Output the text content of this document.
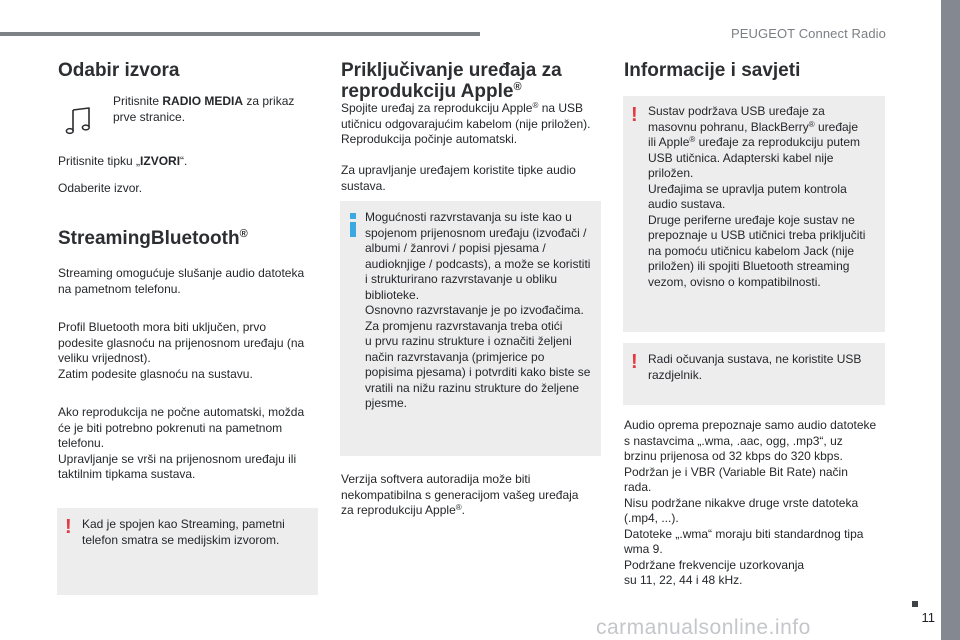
PEUGEOT Connect Radio
11
carmanualsonline.info
Odabir izvora

Pritisnite RADIO MEDIA za prikaz
prve stranice.

Pritisnite tipku „IZVORI“.

Odaberite izvor.

StreamingBluetooth®

Streaming omogućuje slušanje audio datoteka
na pametnom telefonu.

Profil Bluetooth mora biti uključen, prvo
podesite glasnoću na prijenosnom uređaju (na
veliku vrijednost).
Zatim podesite glasnoću na sustavu.

Ako reprodukcija ne počne automatski, možda
će je biti potrebno pokrenuti na pametnom
telefonu.
Upravljanje se vrši na prijenosnom uređaju ili
taktilnim tipkama sustava.

! Kad je spojen kao Streaming, pametni
telefon smatra se medijskim izvorom.

Priključivanje uređaja za
reprodukciju Apple®

Spojite uređaj za reprodukciju Apple® na USB
utičnicu odgovarajućim kabelom (nije priložen).
Reprodukcija počinje automatski.

Za upravljanje uređajem koristite tipke audio
sustava.

Mogućnosti razvrstavanja su iste kao u
spojenom prijenosnom uređaju (izvođači /
albumi / žanrovi / popisi pjesama /
audioknjige / podcasts), a može se koristiti
i strukturirano razvrstavanje u obliku
biblioteke.
Osnovno razvrstavanje je po izvođačima.
Za promjenu razvrstavanja treba otići
u prvu razinu strukture i označiti željeni
način razvrstavanja (primjerice po
popisima pjesama) i potvrditi kako biste se
vratili na nižu razinu strukture do željene
pjesme.

Verzija softvera autoradija može biti
nekompatibilna s generacijom vašeg uređaja
za reprodukciju Apple®.

Informacije i savjeti
! Sustav podržava USB uređaje za
masovnu pohranu, BlackBerry® uređaje
ili Apple® uređaje za reprodukciju putem
USB utičnica. Adapterski kabel nije
priložen.
Uređajima se upravlja putem kontrola
audio sustava.
Druge periferne uređaje koje sustav ne
prepoznaje u USB utičnici treba priključiti
na pomoću utičnicu kabelom Jack (nije
priložen) ili spojiti Bluetooth streaming
vezom, ovisno o kompatibilnosti.

! Radi očuvanja sustava, ne koristite USB
razdjelnik.

Audio oprema prepoznaje samo audio datoteke
s nastavcima „.wma, .aac, ogg, .mp3“, uz
brzinu prijenosa od 32 kbps do 320 kbps.
Podržan je i VBR (Variable Bit Rate) način
rada.
Nisu podržane nikakve druge vrste datoteka
(.mp4, ...).
Datoteke „.wma“ moraju biti standardnog tipa
wma 9.
Podržane frekvencije uzorkovanja
su 11, 22, 44 i 48 kHz.
